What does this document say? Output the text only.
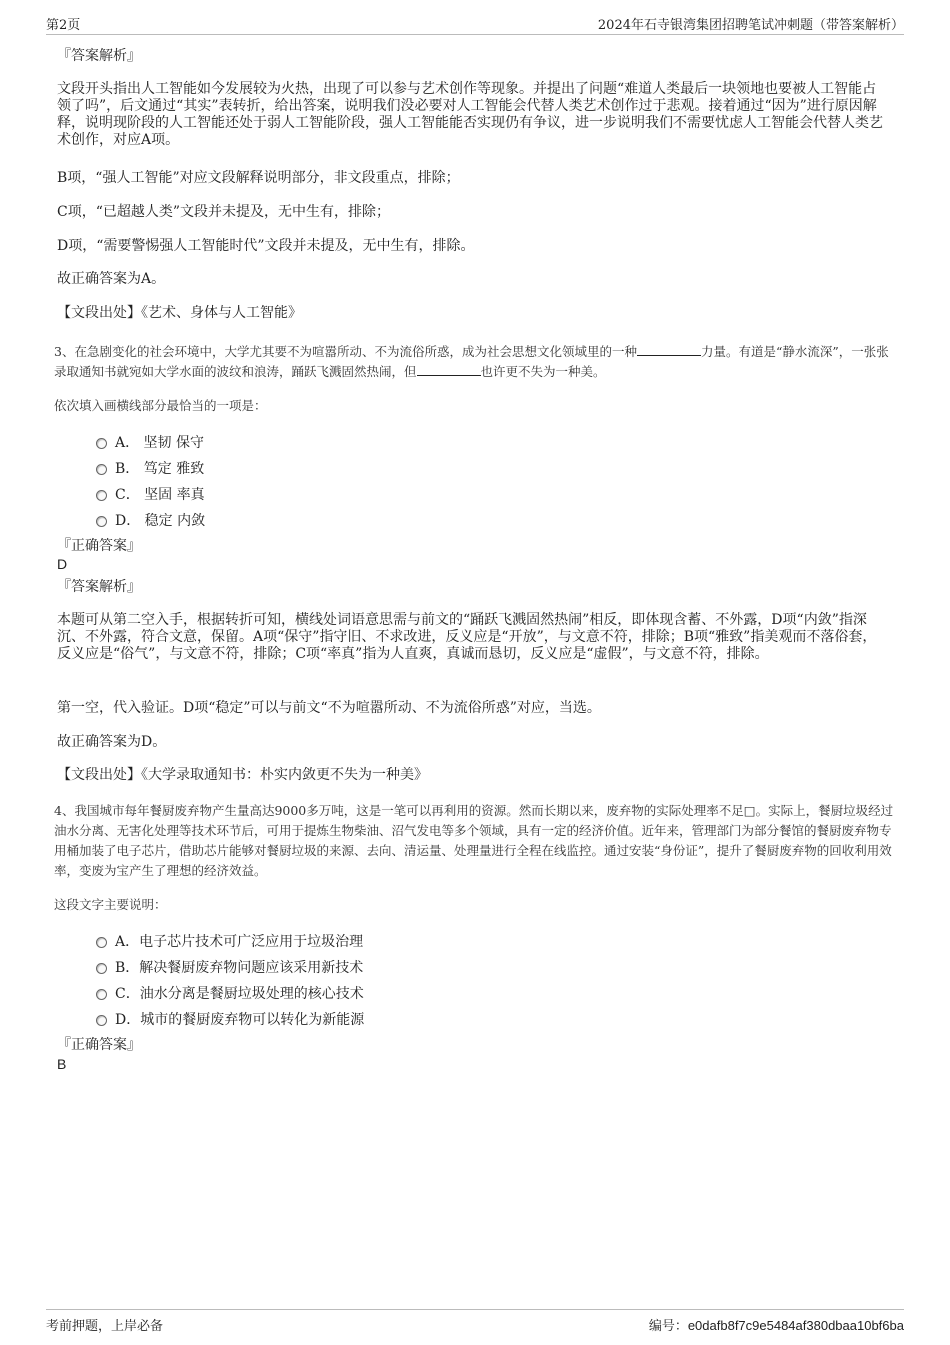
第2页	2024年石寺银湾集团招聘笔试冲刺题（带答案解析）
『答案解析』
文段开头指出人工智能如今发展较为火热，出现了可以参与艺术创作等现象。并提出了问题“难道人类最后一块领地也要被人工智能占领了吗”，后文通过“其实”表转折，给出答案，说明我们没必要对人工智能会代替人类艺术创作过于悲观。接着通过“因为”进行原因解释，说明现阶段的人工智能还处于弱人工智能阶段，强人工智能能否实现仍有争议，进一步说明我们不需要忧虑人工智能会代替人类艺术创作，对应A项。
B项，“强人工智能”对应文段解释说明部分，非文段重点，排除；
C项，“已超越人类”文段并未提及，无中生有，排除；
D项，“需要警惕强人工智能时代”文段并未提及，无中生有，排除。
故正确答案为A。
【文段出处】《艺术、身体与人工智能》
3、在急剧变化的社会环境中，大学尤其要不为喧嚣所动、不为流俗所惑，成为社会思想文化领域里的一种	力量。有道是“静水流深”，一张张录取通知书就宛如大学水面的波纹和浪涛，踊跃飞溅固然热闹，但	也许更不失为一种美。
依次填入画横线部分最恰当的一项是：
A． 坚韧 保守
B． 笃定 雅致
C． 坚固 率真
D． 稳定 内敛
『正确答案』
D
『答案解析』
本题可从第二空入手，根据转折可知，横线处词语意思需与前文的“踊跃飞溅固然热闹”相反，即体现含蓄、不外露，D项“内敛”指深沉、不外露，符合文意，保留。A项“保守”指守旧、不求改进，反义应是“开放”，与文意不符，排除；B项“雅致”指美观而不落俗套，反义应是“俗气”，与文意不符，排除；C项“率真”指为人直爽，真诚而恳切，反义应是“虚假”，与文意不符，排除。
第一空，代入验证。D项“稳定”可以与前文“不为喧嚣所动、不为流俗所惑”对应，当选。
故正确答案为D。
【文段出处】《大学录取通知书：朴实内敛更不失为一种美》
4、我国城市每年餐厨废弃物产生量高达9000多万吨，这是一笔可以再利用的资源。然而长期以来，废弃物的实际处理率不足□。实际上，餐厨垃圾经过油水分离、无害化处理等技术环节后，可用于提炼生物柴油、沼气发电等多个领域，具有一定的经济价值。近年来，管理部门为部分餐馆的餐厨废弃物专用桶加装了电子芯片，借助芯片能够对餐厨垃圾的来源、去向、清运量、处理量进行全程在线监控。通过安装“身份证”，提升了餐厨废弃物的回收利用效率，变废为宝产生了理想的经济效益。
这段文字主要说明：
A．电子芯片技术可广泛应用于垃圾治理
B．解决餐厨废弃物问题应该采用新技术
C．油水分离是餐厨垃圾处理的核心技术
D．城市的餐厨废弃物可以转化为新能源
『正确答案』
B
考前押题，上岸必备	编号：e0dafb8f7c9e5484af380dbaa10bf6ba
